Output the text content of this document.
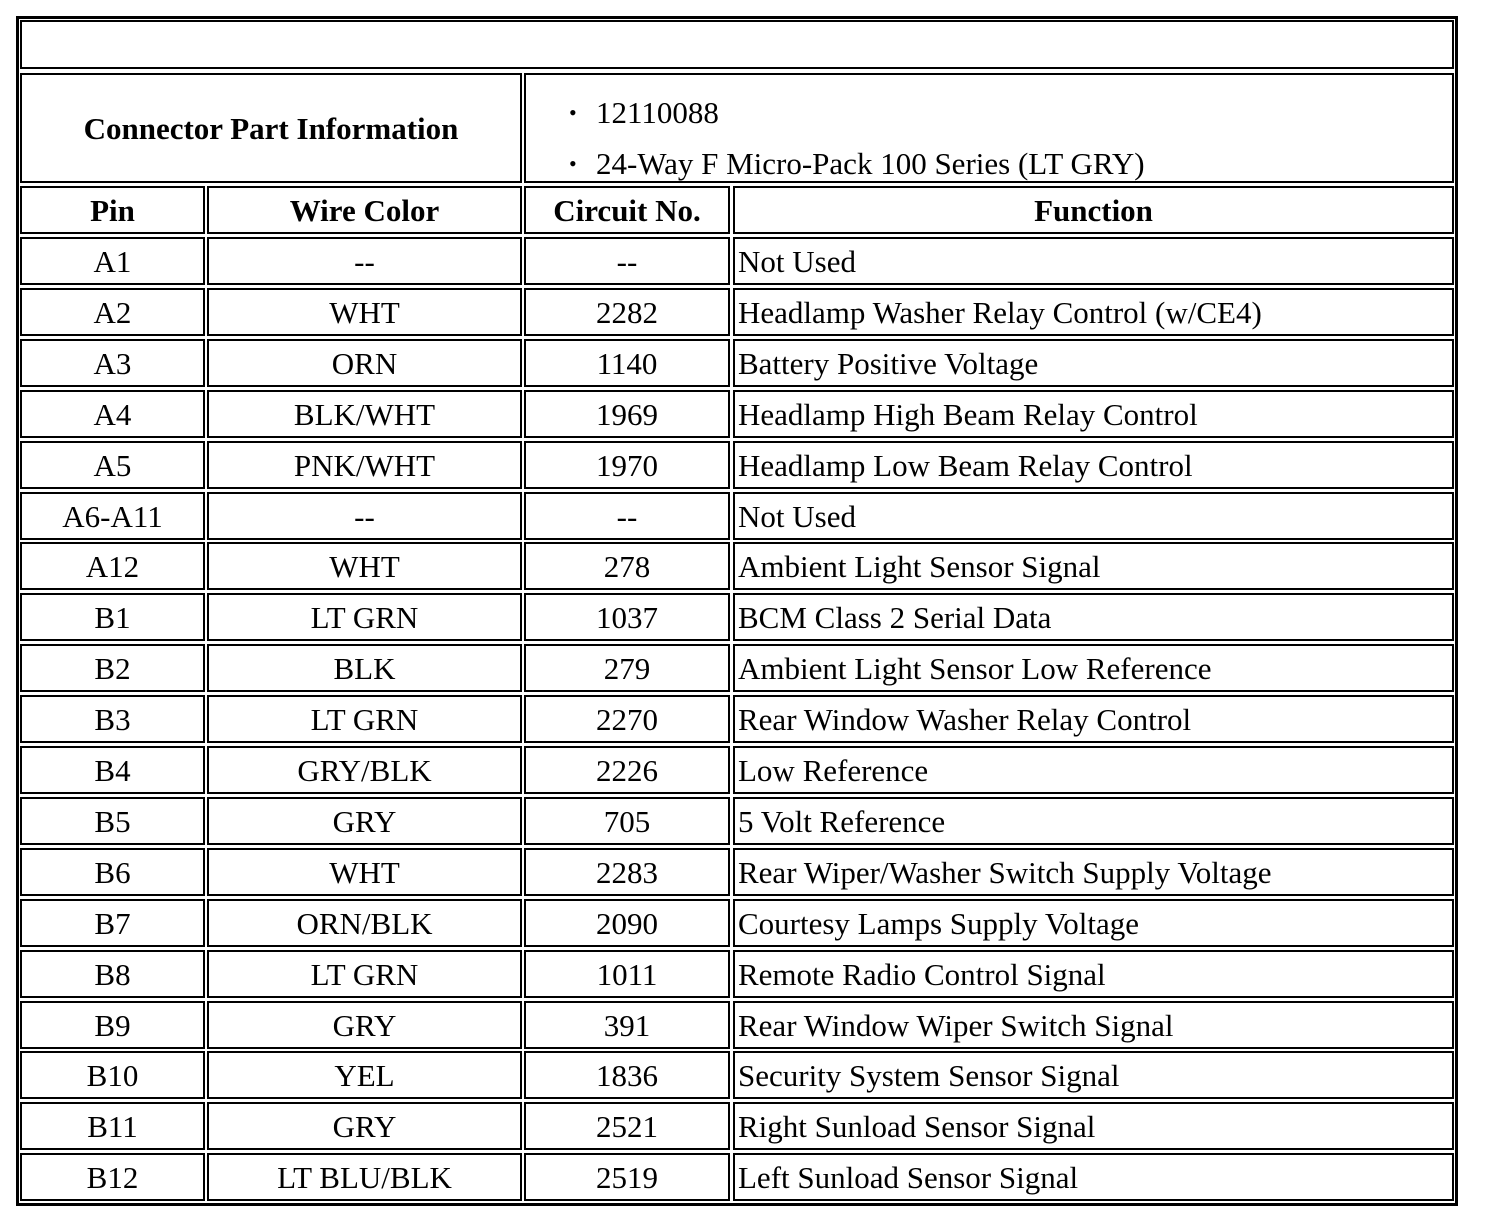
Connector Part Information
•	12110088
• 24-Way F Micro-Pack 100 Series (LT GRY)
Pin	Wire Color	Circuit No.	Function
A1	--	--	Not Used
A2	WHT	2282	Headlamp Washer Relay Control (w/CE4)
A3	ORN	1140	Battery Positive Voltage
A4	BLK/WHT	1969	Headlamp High Beam Relay Control
A5	PNK/WHT	1970	Headlamp Low Beam Relay Control
A6-A11	--	--	Not Used
A12	WHT	278	Ambient Light Sensor Signal
B1	LT GRN	1037	BCM Class 2 Serial Data
B2	BLK	279	Ambient Light Sensor Low Reference
B3	LT GRN	2270	Rear Window Washer Relay Control
B4	GRY/BLK	2226	Low Reference
B5	GRY	705	5 Volt Reference
B6	WHT	2283	Rear Wiper/Washer Switch Supply Voltage
B7	ORN/BLK	2090	Courtesy Lamps Supply Voltage
B8	LT GRN	1011	Remote Radio Control Signal
B9	GRY	391	Rear Window Wiper Switch Signal
B10	YEL	1836	Security System Sensor Signal
B11	GRY	2521	Right Sunload Sensor Signal
B12	LT BLU/BLK	2519	Left Sunload Sensor Signal
